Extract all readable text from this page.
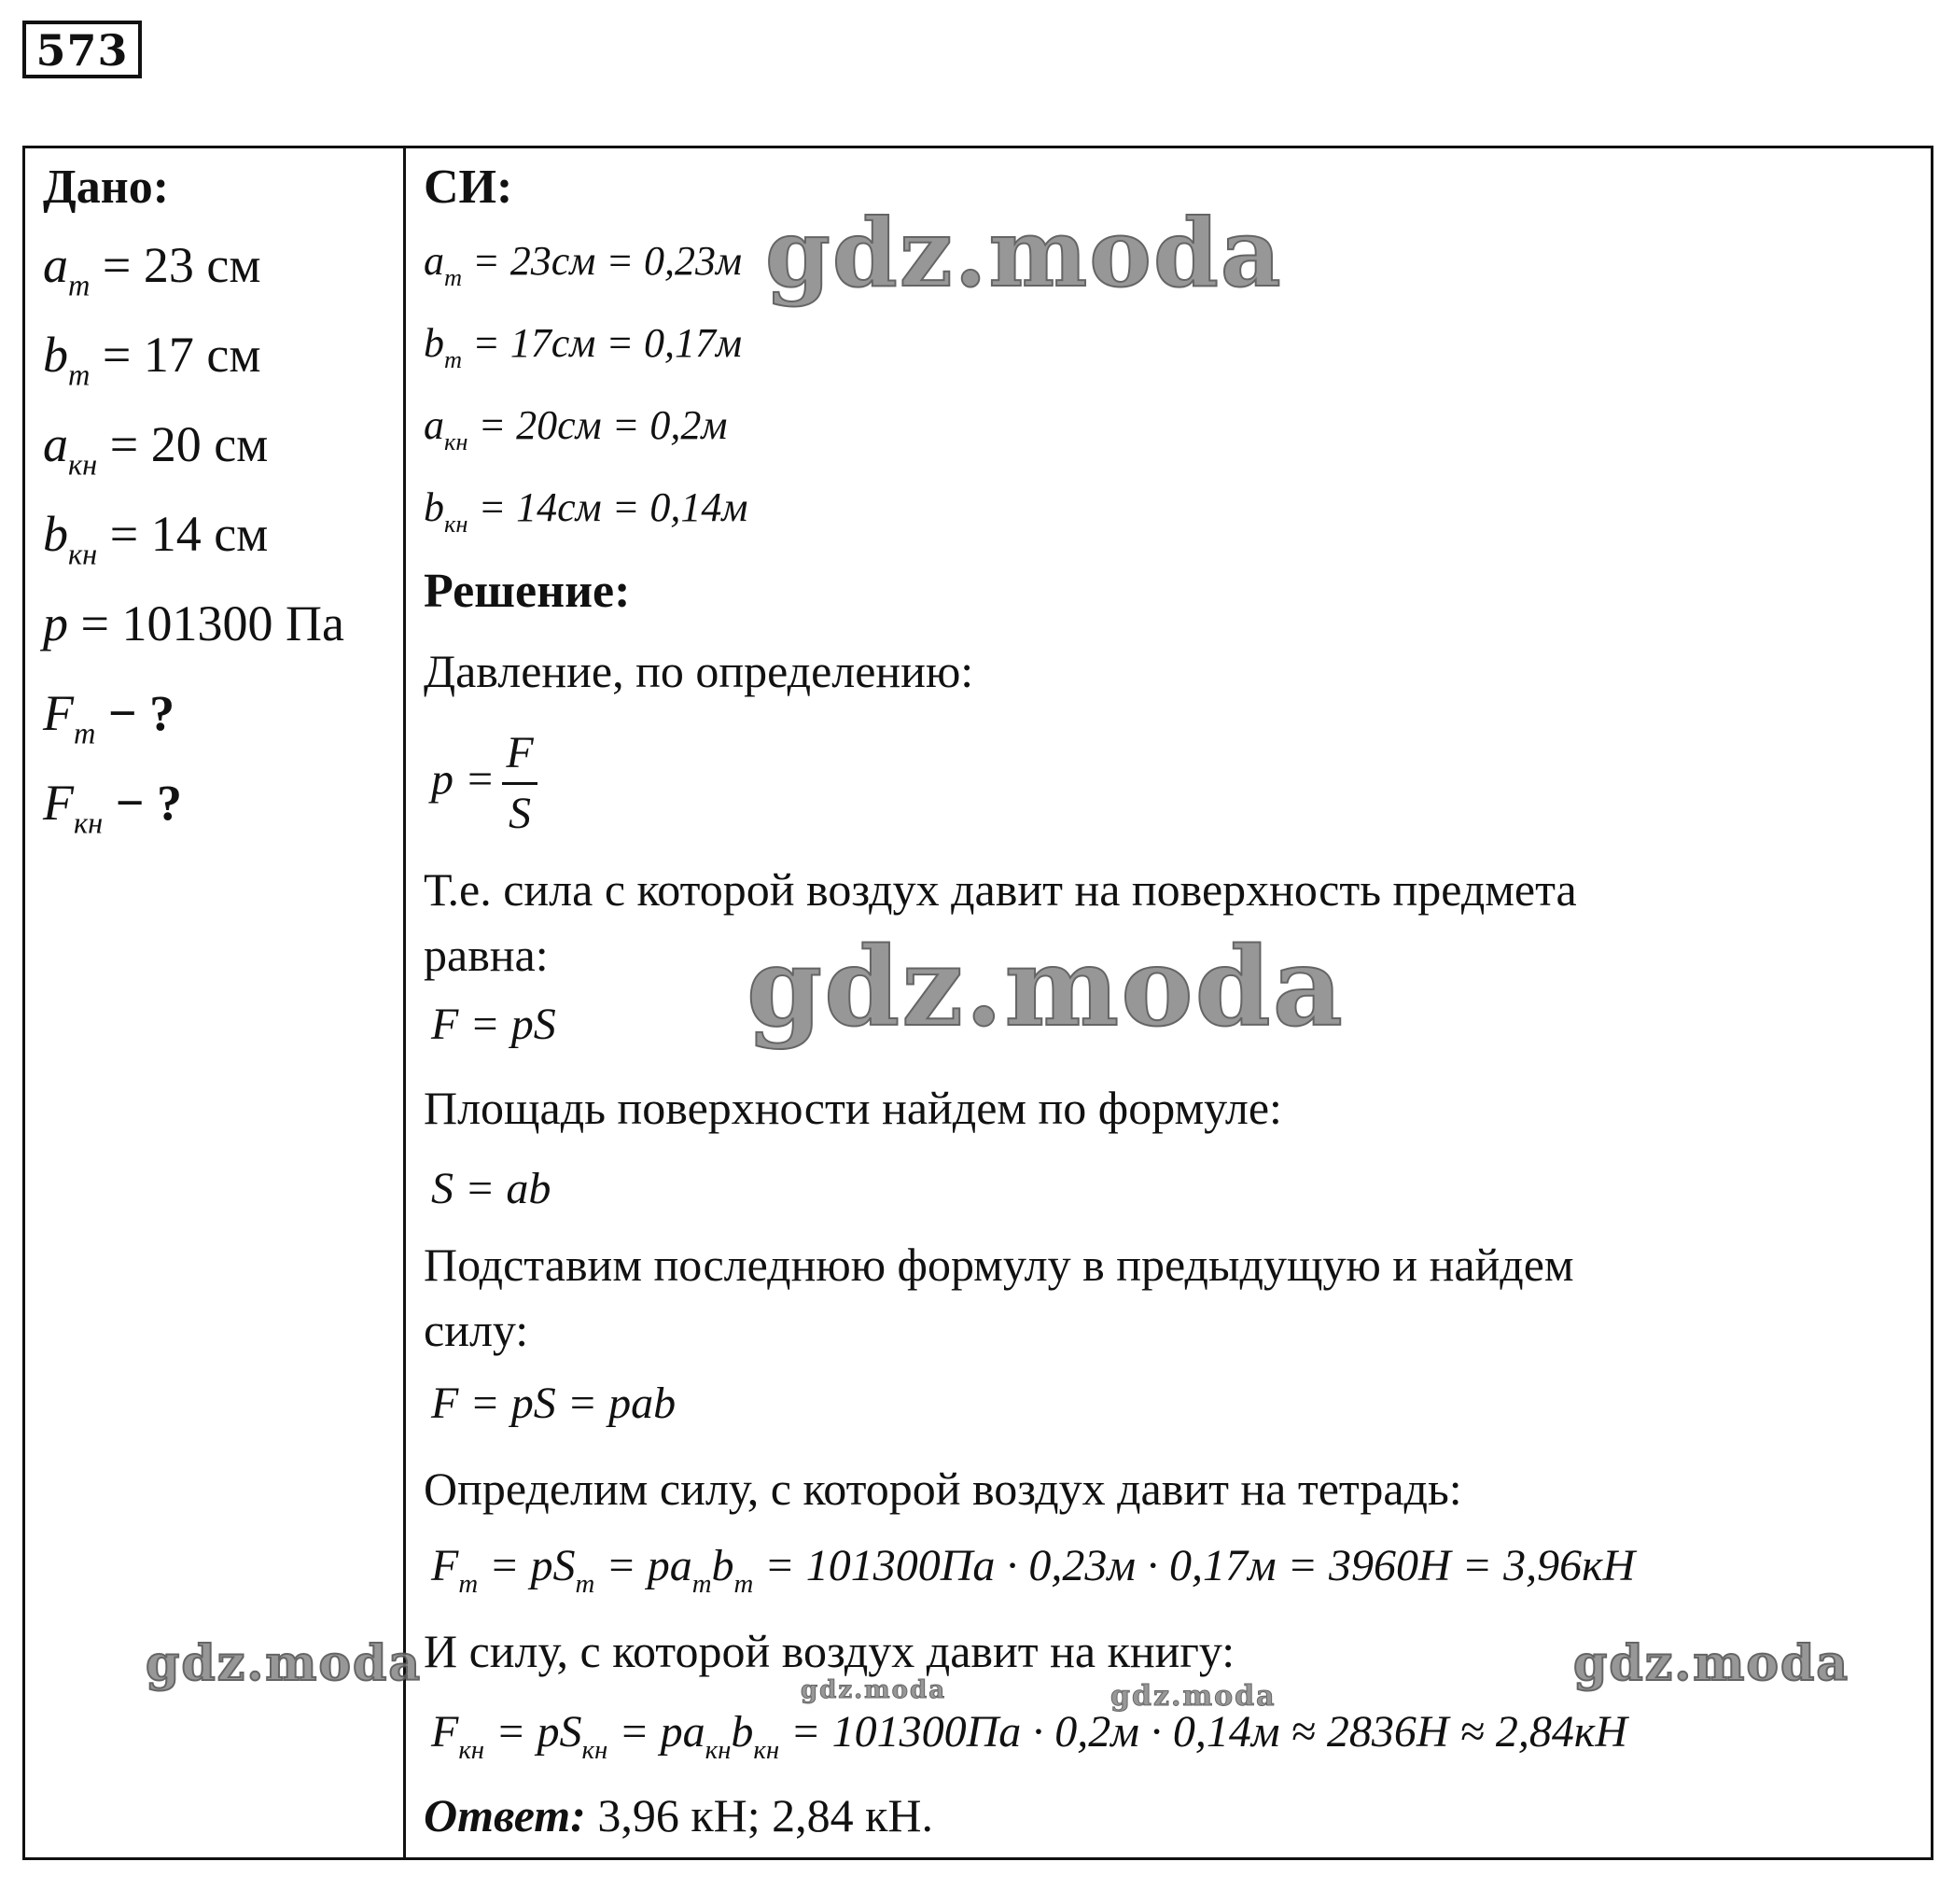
573
Дано:
$a_т = 23$ см
$b_т = 17$ см
$a_{кн} = 20$ см
$b_{кн} = 14$ см
p = 101300 Па
$F_т$ − ?
$F_{кн}$ − ?
СИ:
$a_т = 23см = 0,23м$
$b_т = 17см = 0,17м$
$a_{кн} = 20см = 0,2м$
$b_{кн} = 14см = 0,14м$
Решение:
Давление, по определению:
$p = \frac{F}{S}$
Т.е. сила с которой воздух давит на поверхность предмета
равна:
F = pS
Площадь поверхности найдем по формуле:
S = ab
Подставим последнюю формулу в предыдущую и найдем
силу:
F = pS = pab
Определим силу, с которой воздух давит на тетрадь:
$F_т = pS_т = pa_тb_т = 101300Па \cdot 0,23м \cdot 0,17м = 3960Н = 3,96кН$
И силу, с которой воздух давит на книгу:
$F_{кн} = pS_{кн} = pa_{кн}b_{кн} = 101300Па \cdot 0,2м \cdot 0,14м \approx 2836Н \approx 2,84кН$
Ответ: 3,96 кН; 2,84 кН.
gdz.moda
gdz.moda
gdz.moda	gdz.moda
gdz.moda	gdz.moda
